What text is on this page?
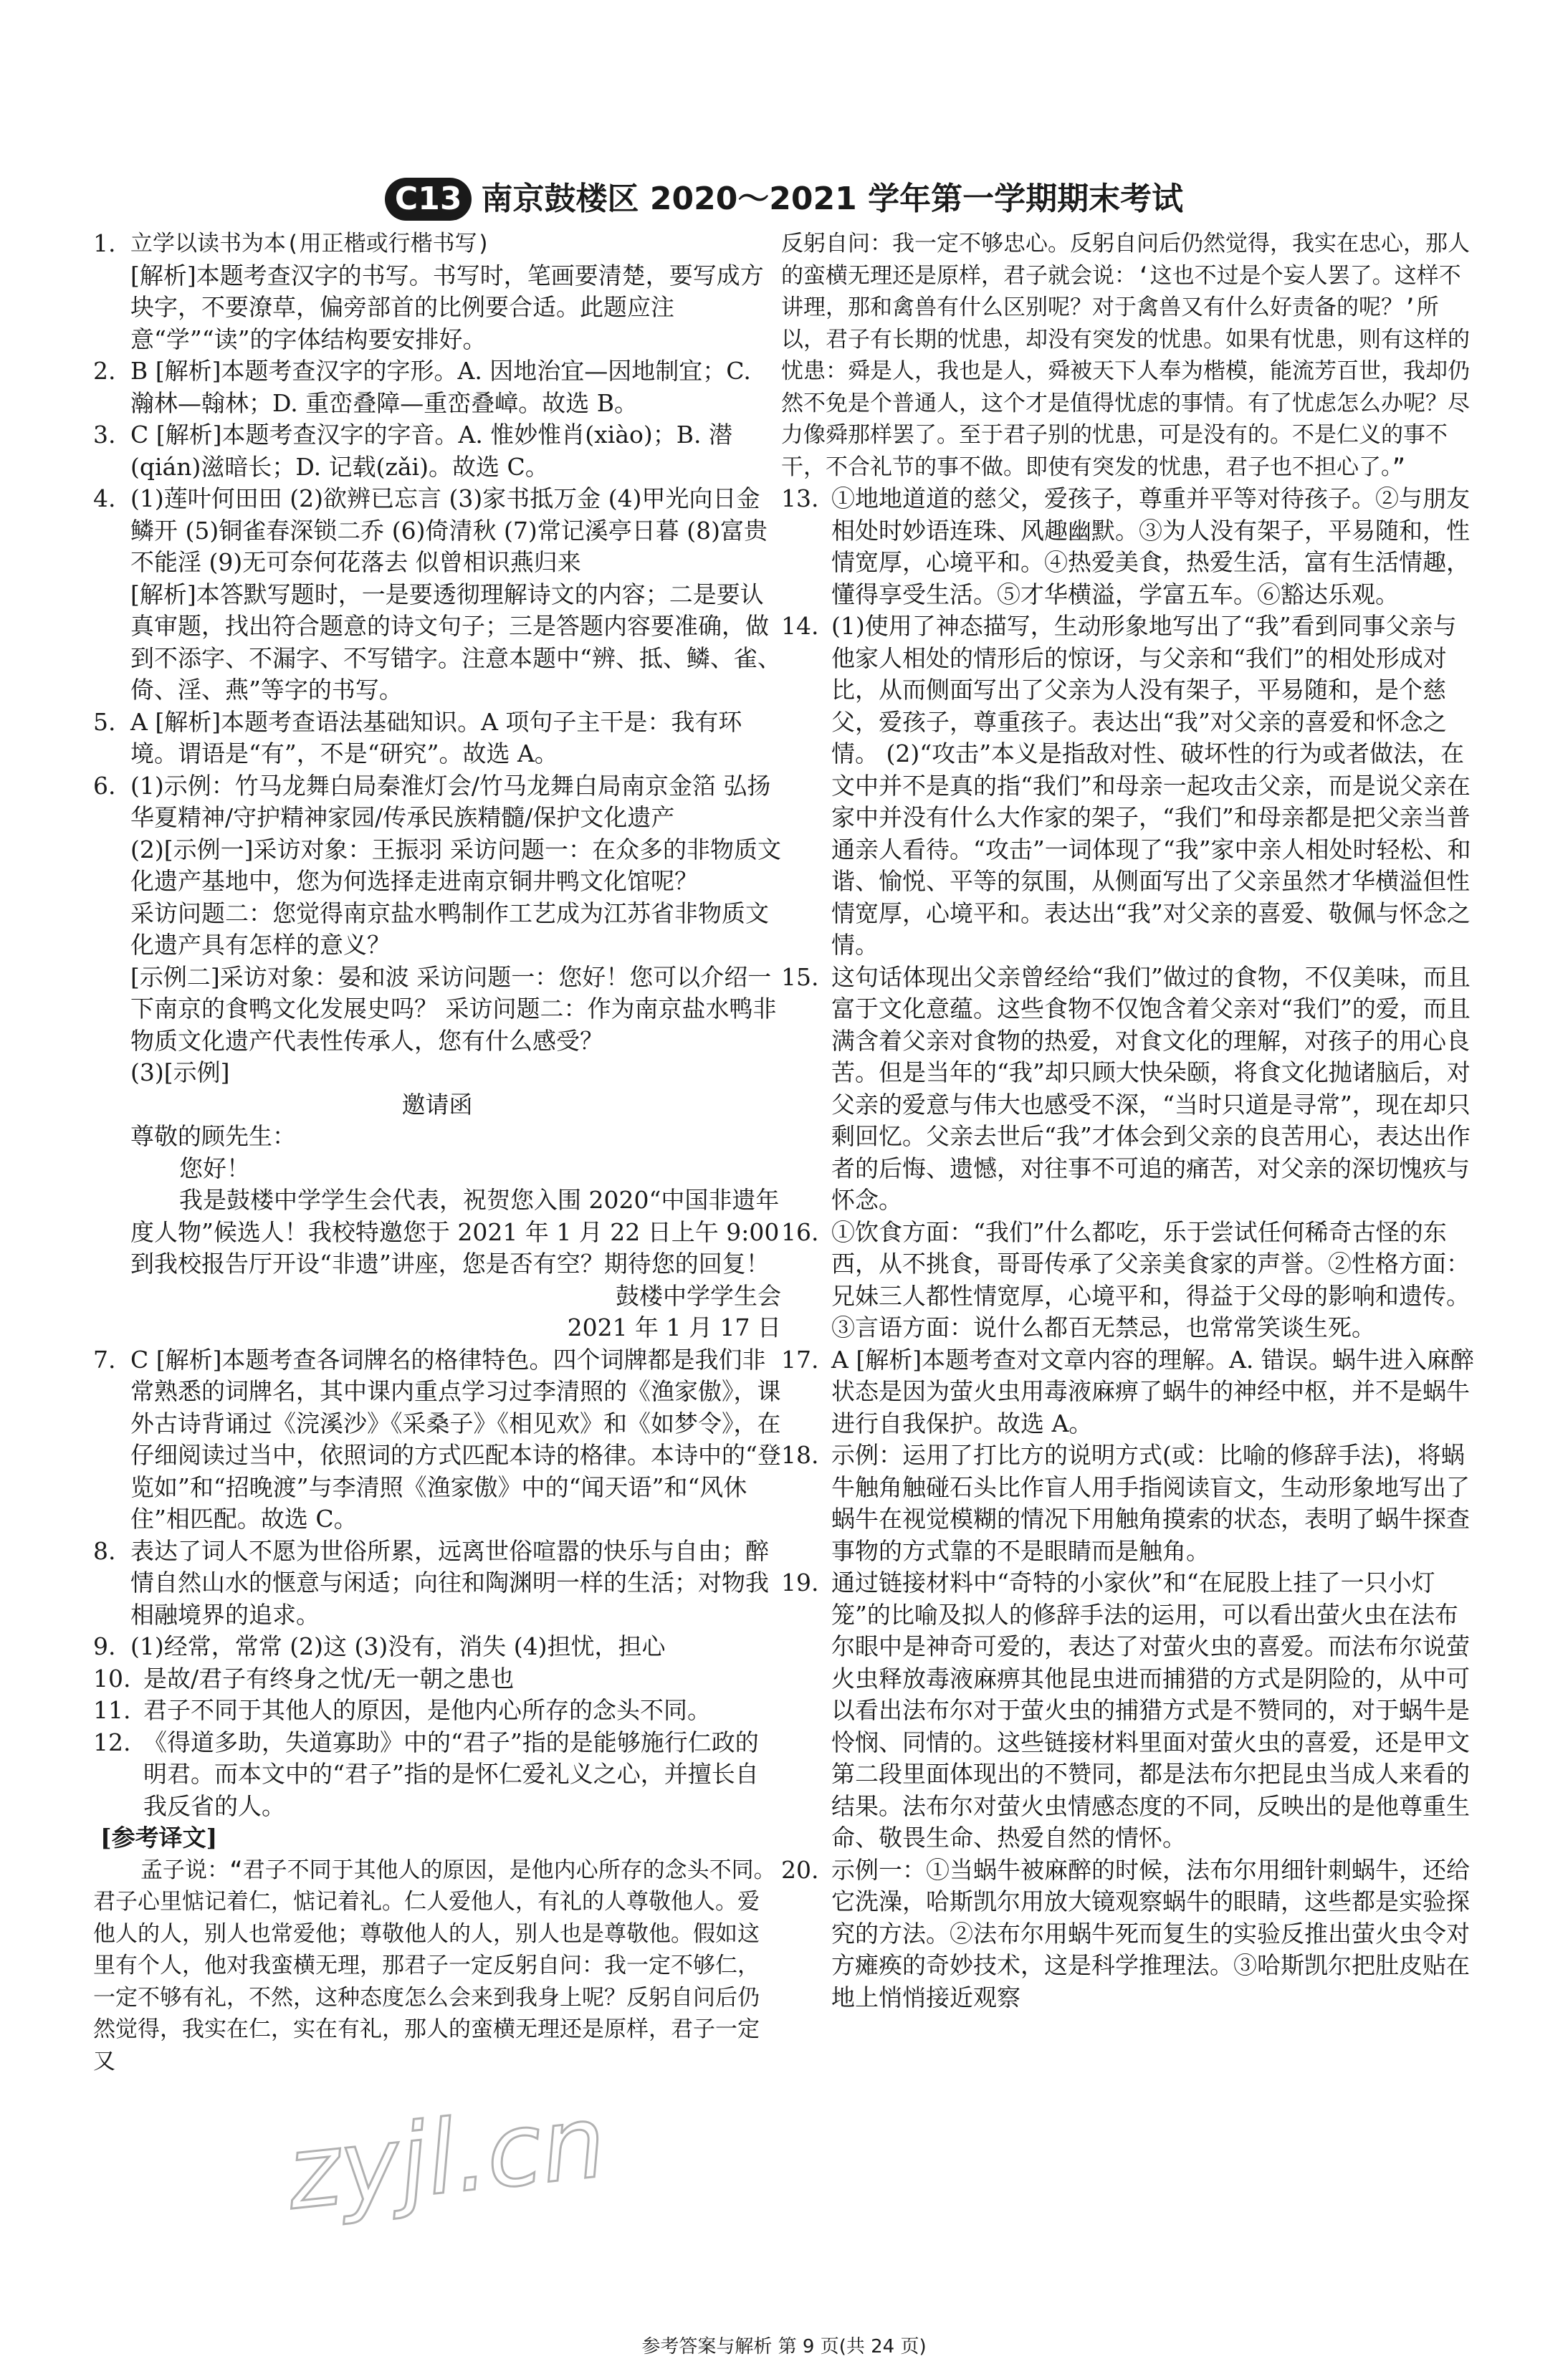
C13 南京鼓楼区 2020～2021 学年第一学期期末考试
1. 立学以读书为本(用正楷或行楷书写)
[解析]本题考查汉字的书写。书写时，笔画要清楚，要写成方块字，不要潦草，偏旁部首的比例要合适。此题应注意“学”“读”的字体结构要安排好。
2. B [解析]本题考查汉字的字形。A. 因地治宜—因地制宜；C. 瀚林—翰林；D. 重峦叠障—重峦叠嶂。故选 B。
3. C [解析]本题考查汉字的字音。A. 惟妙惟肖(xiào)；B. 潜(qián)滋暗长；D. 记载(zǎi)。故选 C。
4. (1)莲叶何田田 (2)欲辨已忘言 (3)家书抵万金 (4)甲光向日金鳞开 (5)铜雀春深锁二乔 (6)倚清秋 (7)常记溪亭日暮 (8)富贵不能淫 (9)无可奈何花落去 似曾相识燕归来
[解析]本答默写题时，一是要透彻理解诗文的内容；二是要认真审题，找出符合题意的诗文句子；三是答题内容要准确，做到不添字、不漏字、不写错字。注意本题中“辨、抵、鳞、雀、倚、淫、燕”等字的书写。
5. A [解析]本题考查语法基础知识。A 项句子主干是：我有环境。谓语是“有”，不是“研究”。故选 A。
6. (1)示例：竹马龙舞白局秦淮灯会/竹马龙舞白局南京金箔 弘扬华夏精神/守护精神家园/传承民族精髓/保护文化遗产
(2)[示例一]采访对象：王振羽 采访问题一：在众多的非物质文化遗产基地中，您为何选择走进南京铜井鸭文化馆呢？
采访问题二：您觉得南京盐水鸭制作工艺成为江苏省非物质文化遗产具有怎样的意义？
[示例二]采访对象：晏和波 采访问题一：您好！您可以介绍一下南京的食鸭文化发展史吗？ 采访问题二：作为南京盐水鸭非物质文化遗产代表性传承人，您有什么感受？
(3)[示例]
邀请函
尊敬的顾先生：
您好！
我是鼓楼中学学生会代表，祝贺您入围 2020“中国非遗年度人物”候选人！我校特邀您于 2021 年 1 月 22 日上午 9:00 到我校报告厅开设“非遗”讲座，您是否有空？期待您的回复！
鼓楼中学学生会
2021 年 1 月 17 日
7. C [解析]本题考查各词牌名的格律特色。四个词牌都是我们非常熟悉的词牌名，其中课内重点学习过李清照的《渔家傲》，课外古诗背诵过《浣溪沙》《采桑子》《相见欢》和《如梦令》，在仔细阅读过当中，依照词的方式匹配本诗的格律。本诗中的“登览如”和“招晚渡”与李清照《渔家傲》中的“闻天语”和“风休住”相匹配。故选 C。
8. 表达了词人不愿为世俗所累，远离世俗喧嚣的快乐与自由；醉情自然山水的惬意与闲适；向往和陶渊明一样的生活；对物我相融境界的追求。
9. (1)经常，常常 (2)这 (3)没有，消失 (4)担忧，担心
10. 是故/君子有终身之忧/无一朝之患也
11. 君子不同于其他人的原因，是他内心所存的念头不同。
12. 《得道多助，失道寡助》中的“君子”指的是能够施行仁政的明君。而本文中的“君子”指的是怀仁爱礼义之心，并擅长自我反省的人。
[参考译文]
孟子说：“君子不同于其他人的原因，是他内心所存的念头不同。君子心里惦记着仁，惦记着礼。仁人爱他人，有礼的人尊敬他人。爱他人的人，别人也常爱他；尊敬他人的人，别人也是尊敬他。假如这里有个人，他对我蛮横无理，那君子一定反躬自问：我一定不够仁，一定不够有礼，不然，这种态度怎么会来到我身上呢？反躬自问后仍然觉得，我实在仁，实在有礼，那人的蛮横无理还是原样，君子一定又
反躬自问：我一定不够忠心。反躬自问后仍然觉得，我实在忠心，那人的蛮横无理还是原样，君子就会说：‘这也不过是个妄人罢了。这样不讲理，那和禽兽有什么区别呢？对于禽兽又有什么好责备的呢？’所以，君子有长期的忧患，却没有突发的忧患。如果有忧患，则有这样的忧患：舜是人，我也是人，舜被天下人奉为楷模，能流芳百世，我却仍然不免是个普通人，这个才是值得忧虑的事情。有了忧虑怎么办呢？尽力像舜那样罢了。至于君子别的忧患，可是没有的。不是仁义的事不干，不合礼节的事不做。即使有突发的忧患，君子也不担心了。”
13. ①地地道道的慈父，爱孩子，尊重并平等对待孩子。②与朋友相处时妙语连珠、风趣幽默。③为人没有架子，平易随和，性情宽厚，心境平和。④热爱美食，热爱生活，富有生活情趣，懂得享受生活。⑤才华横溢，学富五车。⑥豁达乐观。
14. (1)使用了神态描写，生动形象地写出了“我”看到同事父亲与他家人相处的情形后的惊讶，与父亲和“我们”的相处形成对比，从而侧面写出了父亲为人没有架子，平易随和，是个慈父，爱孩子，尊重孩子。表达出“我”对父亲的喜爱和怀念之情。 (2)“攻击”本义是指敌对性、破坏性的行为或者做法，在文中并不是真的指“我们”和母亲一起攻击父亲，而是说父亲在家中并没有什么大作家的架子，“我们”和母亲都是把父亲当普通亲人看待。“攻击”一词体现了“我”家中亲人相处时轻松、和谐、愉悦、平等的氛围，从侧面写出了父亲虽然才华横溢但性情宽厚，心境平和。表达出“我”对父亲的喜爱、敬佩与怀念之情。
15. 这句话体现出父亲曾经给“我们”做过的食物，不仅美味，而且富于文化意蕴。这些食物不仅饱含着父亲对“我们”的爱，而且满含着父亲对食物的热爱，对食文化的理解，对孩子的用心良苦。但是当年的“我”却只顾大快朵颐，将食文化抛诸脑后，对父亲的爱意与伟大也感受不深，“当时只道是寻常”，现在却只剩回忆。父亲去世后“我”才体会到父亲的良苦用心，表达出作者的后悔、遗憾，对往事不可追的痛苦，对父亲的深切愧疚与怀念。
16. ①饮食方面：“我们”什么都吃，乐于尝试任何稀奇古怪的东西，从不挑食，哥哥传承了父亲美食家的声誉。②性格方面：兄妹三人都性情宽厚，心境平和，得益于父母的影响和遗传。③言语方面：说什么都百无禁忌，也常常笑谈生死。
17. A [解析]本题考查对文章内容的理解。A. 错误。蜗牛进入麻醉状态是因为萤火虫用毒液麻痹了蜗牛的神经中枢，并不是蜗牛进行自我保护。故选 A。
18. 示例：运用了打比方的说明方式(或：比喻的修辞手法)，将蜗牛触角触碰石头比作盲人用手指阅读盲文，生动形象地写出了蜗牛在视觉模糊的情况下用触角摸索的状态，表明了蜗牛探查事物的方式靠的不是眼睛而是触角。
19. 通过链接材料中“奇特的小家伙”和“在屁股上挂了一只小灯笼”的比喻及拟人的修辞手法的运用，可以看出萤火虫在法布尔眼中是神奇可爱的，表达了对萤火虫的喜爱。而法布尔说萤火虫释放毒液麻痹其他昆虫进而捕猎的方式是阴险的，从中可以看出法布尔对于萤火虫的捕猎方式是不赞同的，对于蜗牛是怜悯、同情的。这些链接材料里面对萤火虫的喜爱，还是甲文第二段里面体现出的不赞同，都是法布尔把昆虫当成人来看的结果。法布尔对萤火虫情感态度的不同，反映出的是他尊重生命、敬畏生命、热爱自然的情怀。
20. 示例一：①当蜗牛被麻醉的时候，法布尔用细针刺蜗牛，还给它洗澡，哈斯凯尔用放大镜观察蜗牛的眼睛，这些都是实验探究的方法。②法布尔用蜗牛死而复生的实验反推出萤火虫令对方瘫痪的奇妙技术，这是科学推理法。③哈斯凯尔把肚皮贴在地上悄悄接近观察
zyjl.cn
参考答案与解析 第 9 页(共 24 页)
